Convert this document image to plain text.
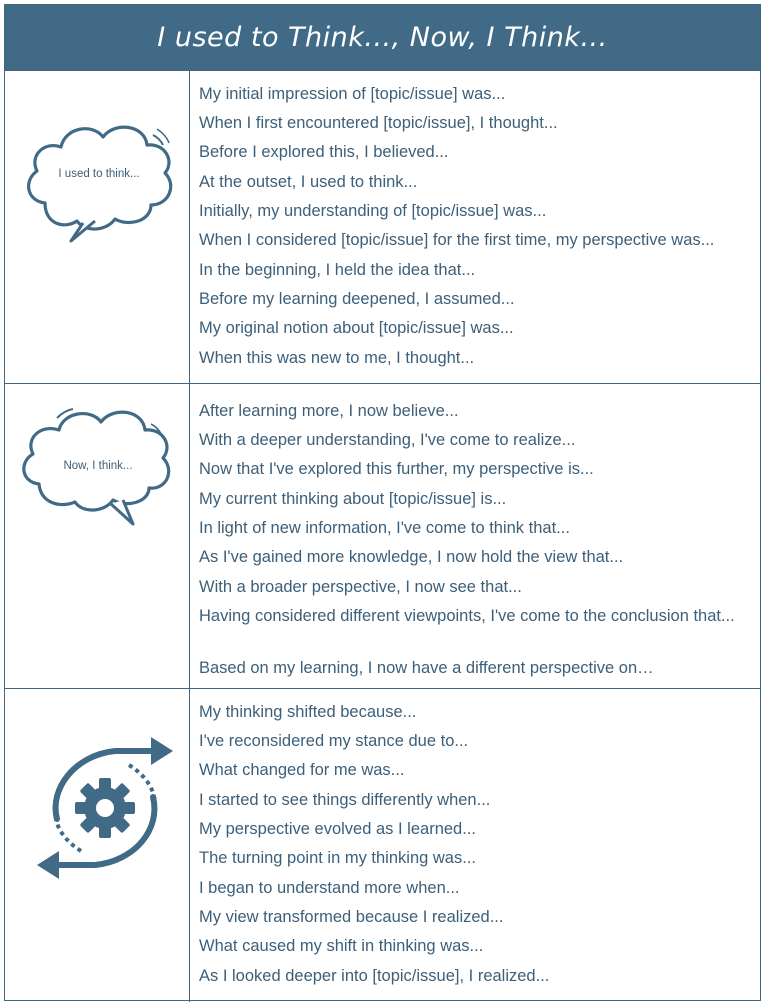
I used to Think..., Now, I Think...
I used to think...

My initial impression of [topic/issue] was...

When I first encountered [topic/issue], I thought...

Before I explored this, I believed...

At the outset, I used to think...

Initially, my understanding of [topic/issue] was...

When I considered [topic/issue] for the first time, my perspective was...

In the beginning, I held the idea that...

Before my learning deepened, I assumed...

My original notion about [topic/issue] was...

When this was new to me, I thought...

Now, I think...

After learning more, I now believe...

With a deeper understanding, I've come to realize...

Now that I've explored this further, my perspective is...

My current thinking about [topic/issue] is...

In light of new information, I've come to think that...

As I've gained more knowledge, I now hold the view that...

With a broader perspective, I now see that...

Having considered different viewpoints, I've come to the conclusion that...

Based on my learning, I now have a different perspective on…

My thinking shifted because...

I've reconsidered my stance due to...

What changed for me was...

I started to see things differently when...

My perspective evolved as I learned...

The turning point in my thinking was...

I began to understand more when...

My view transformed because I realized...

What caused my shift in thinking was...

As I looked deeper into [topic/issue], I realized...
